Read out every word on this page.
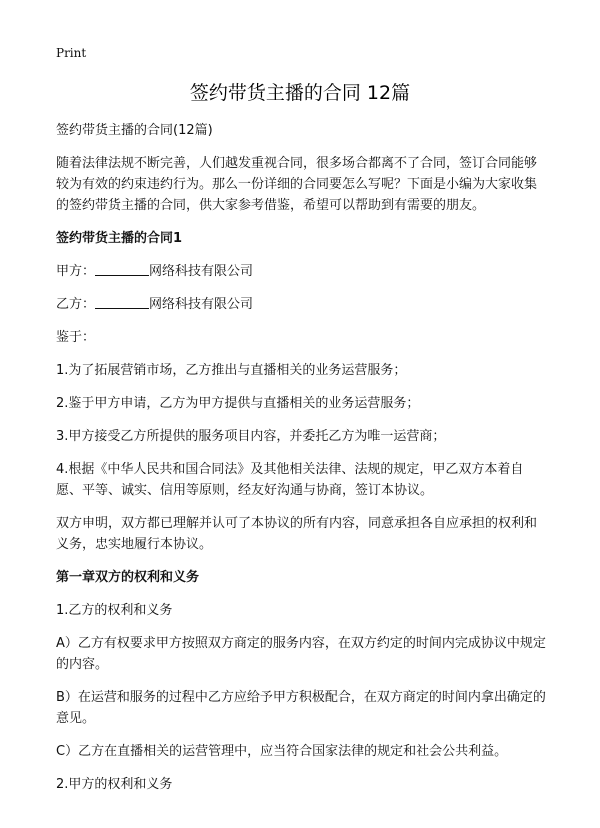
Print
签约带货主播的合同 12篇

签约带货主播的合同(12篇)

随着法律法规不断完善，人们越发重视合同，很多场合都离不了合同，签订合同能够较为有效的约束违约行为。那么一份详细的合同要怎么写呢？下面是小编为大家收集的签约带货主播的合同，供大家参考借鉴，希望可以帮助到有需要的朋友。

签约带货主播的合同1

甲方：	网络科技有限公司

乙方：	网络科技有限公司

鉴于：

1.为了拓展营销市场，乙方推出与直播相关的业务运营服务；

2.鉴于甲方申请，乙方为甲方提供与直播相关的业务运营服务；

3.甲方接受乙方所提供的服务项目内容，并委托乙方为唯一运营商；

4.根据《中华人民共和国合同法》及其他相关法律、法规的规定，甲乙双方本着自愿、平等、诚实、信用等原则，经友好沟通与协商，签订本协议。

双方申明，双方都已理解并认可了本协议的所有内容，同意承担各自应承担的权利和义务，忠实地履行本协议。

第一章双方的权利和义务

1.乙方的权利和义务

A）乙方有权要求甲方按照双方商定的服务内容，在双方约定的时间内完成协议中规定的内容。

B）在运营和服务的过程中乙方应给予甲方积极配合，在双方商定的时间内拿出确定的意见。

C）乙方在直播相关的运营管理中，应当符合国家法律的规定和社会公共利益。

2.甲方的权利和义务
